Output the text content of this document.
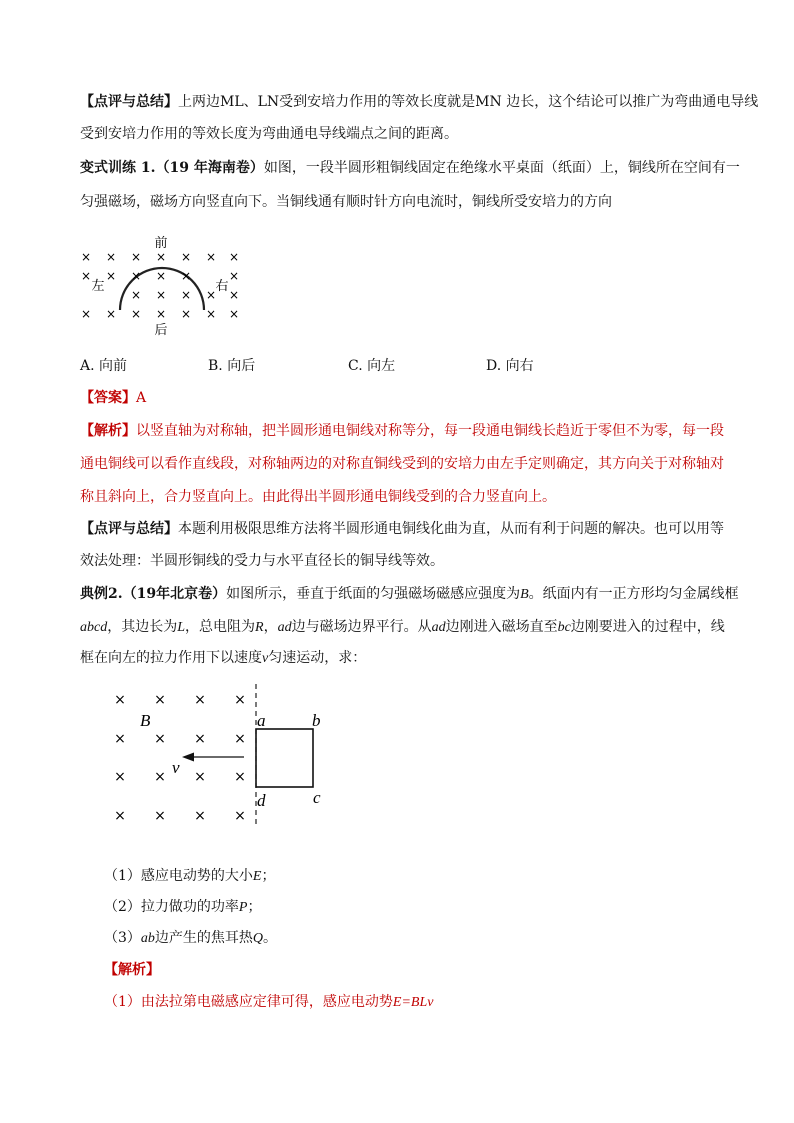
【点评与总结】上两边ML、LN受到安培力作用的等效长度就是MN 边长，这个结论可以推广为弯曲通电导线
受到安培力作用的等效长度为弯曲通电导线端点之间的距离。
变式训练 1.（19 年海南卷）如图，一段半圆形粗铜线固定在绝缘水平桌面（纸面）上，铜线所在空间有一
匀强磁场，磁场方向竖直向下。当铜线通有顺时针方向电流时，铜线所受安培力的方向
× × × × × × ×
× × × × ×	×
× × × × ×
× × × × × × ×
前
后
左	右
A. 向前	B. 向后	C. 向左	D. 向右
【答案】A
【解析】以竖直轴为对称轴，把半圆形通电铜线对称等分，每一段通电铜线长趋近于零但不为零，每一段
通电铜线可以看作直线段，对称轴两边的对称直铜线受到的安培力由左手定则确定，其方向关于对称轴对
称且斜向上，合力竖直向上。由此得出半圆形通电铜线受到的合力竖直向上。
【点评与总结】本题利用极限思维方法将半圆形通电铜线化曲为直，从而有利于问题的解决。也可以用等
效法处理：半圆形铜线的受力与水平直径长的铜导线等效。
典例2.（19年北京卷）如图所示，垂直于纸面的匀强磁场磁感应强度为B。纸面内有一正方形均匀金属线框
abcd，其边长为L，总电阻为R，ad边与磁场边界平行。从ad边刚进入磁场直至bc边刚要进入的过程中，线
框在向左的拉力作用下以速度v匀速运动，求：
× × × ×
× × × ×
× × × ×
× × × ×
B
v
a	b
c
d
（1）感应电动势的大小E；
（2）拉力做功的功率P；
（3）ab边产生的焦耳热Q。
【解析】
（1）由法拉第电磁感应定律可得，感应电动势E=BLv
